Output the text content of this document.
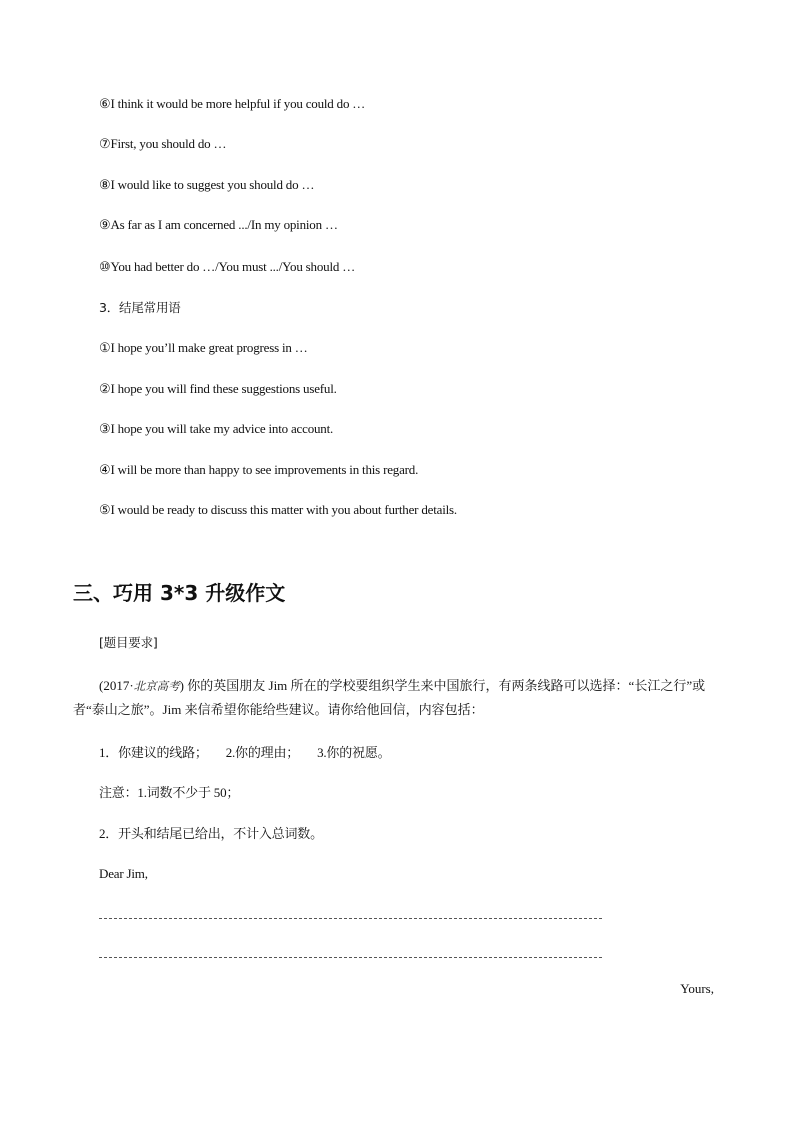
⑥I think it would be more helpful if you could do …
⑦First, you should do …
⑧I would like to suggest you should do …
⑨As far as I am concerned .../In my opinion …
⑩You had better do …/You must .../You should …
3．结尾常用语
①I hope you’ll make great progress in …
②I hope you will find these suggestions useful.
③I hope you will take my advice into account.
④I will be more than happy to see improvements in this regard.
⑤I would be ready to discuss this matter with you about further details.
三、巧用 3*3 升级作文
[题目要求]
(2017·北京高考) 你的英国朋友 Jim 所在的学校要组织学生来中国旅行，有两条线路可以选择：“长江之行”或者“泰山之旅”。Jim 来信希望你能给些建议。请你给他回信，内容包括：
1．你建议的线路； 2.你的理由； 3.你的祝愿。
注意：1.词数不少于 50；
2．开头和结尾已给出，不计入总词数。
Dear Jim,
Yours,
